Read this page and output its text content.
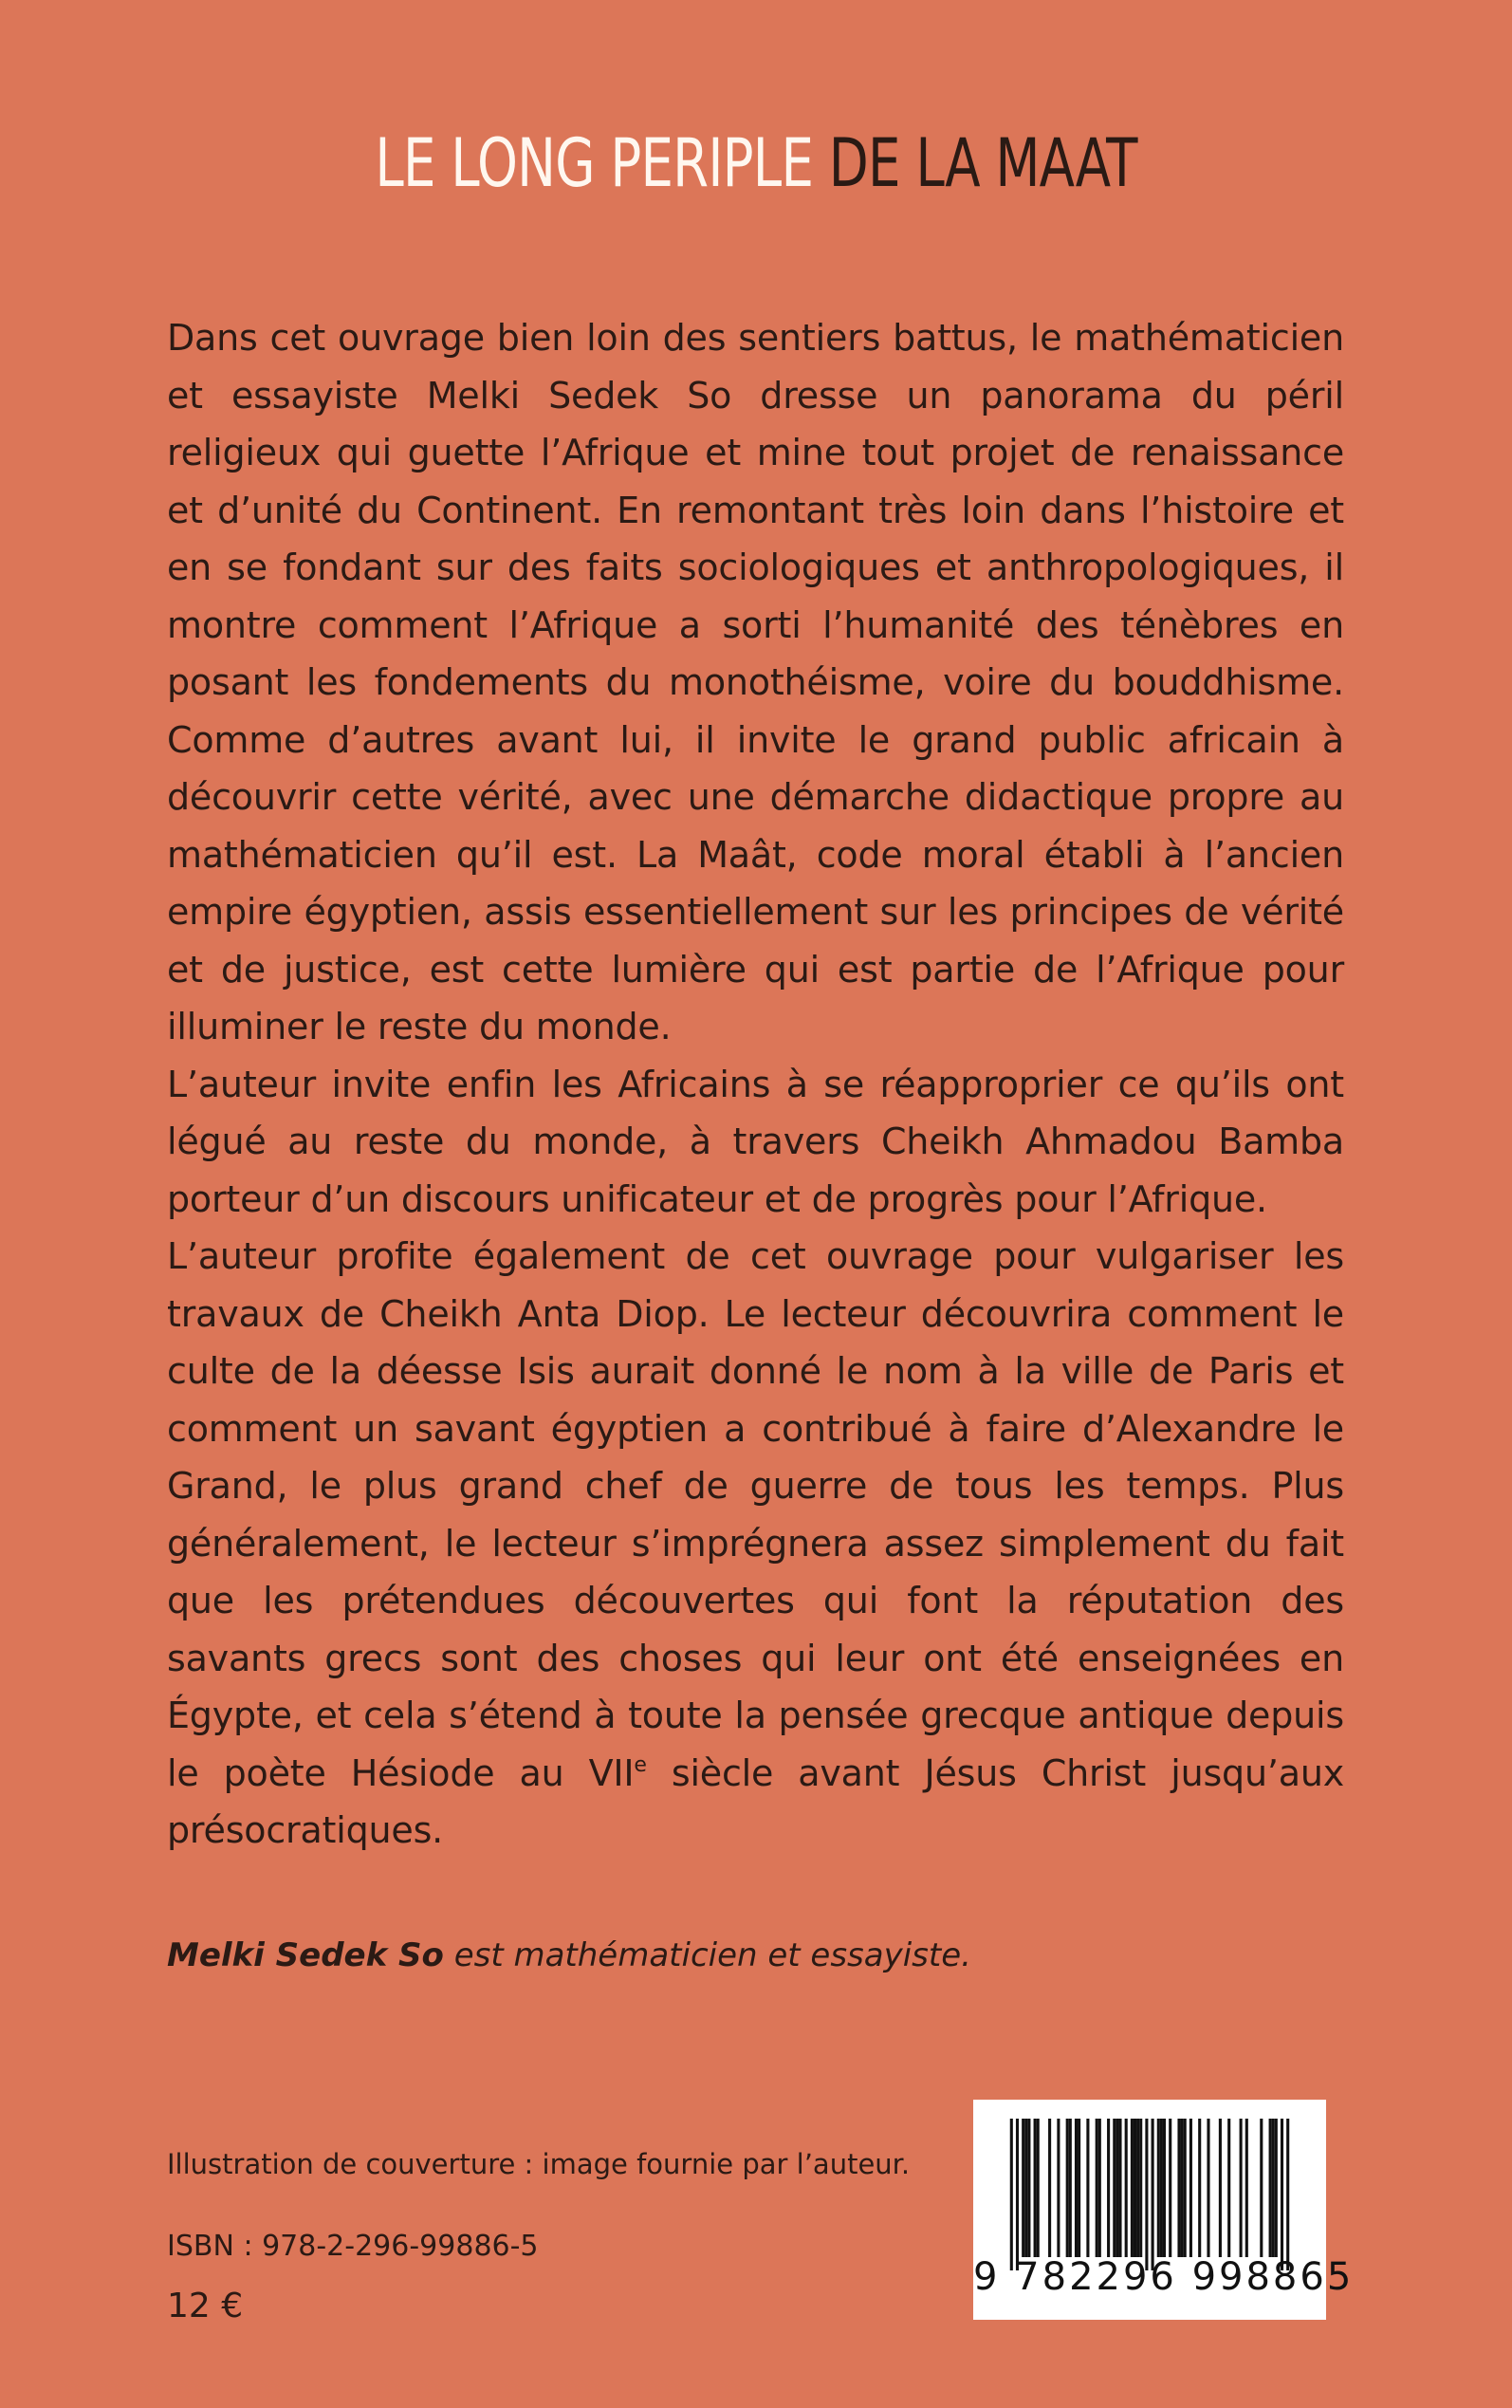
LE LONG PERIPLE DE LA MAAT

Dans cet ouvrage bien loin des sentiers battus, le mathématicien et essayiste Melki Sedek So dresse un panorama du péril religieux qui guette l’Afrique et mine tout projet de renaissance et d’unité du Continent. En remontant très loin dans l’histoire et en se fondant sur des faits sociologiques et anthropologiques, il montre comment l’Afrique a sorti l’humanité des ténèbres en posant les fondements du monothéisme, voire du bouddhisme. Comme d’autres avant lui, il invite le grand public africain à découvrir cette vérité, avec une démarche didactique propre au mathématicien qu’il est. La Maât, code moral établi à l’ancien empire égyptien, assis essentiellement sur les principes de vérité et de justice, est cette lumière qui est partie de l’Afrique pour illuminer le reste du monde.

L’auteur invite enfin les Africains à se réapproprier ce qu’ils ont légué au reste du monde, à travers Cheikh Ahmadou Bamba porteur d’un discours unificateur et de progrès pour l’Afrique.

L’auteur profite également de cet ouvrage pour vulgariser les travaux de Cheikh Anta Diop. Le lecteur découvrira comment le culte de la déesse Isis aurait donné le nom à la ville de Paris et comment un savant égyptien a contribué à faire d’Alexandre le Grand, le plus grand chef de guerre de tous les temps. Plus généralement, le lecteur s’imprégnera assez simplement du fait que les prétendues découvertes qui font la réputation des savants grecs sont des choses qui leur ont été enseignées en Égypte, et cela s’étend à toute la pensée grecque antique depuis le poète Hésiode au VIIe siècle avant Jésus Christ jusqu’aux présocratiques.

Melki Sedek So est mathématicien et essayiste.
Illustration de couverture : image fournie par l’auteur.
ISBN : 978-2-296-99886-5
12 €
9 782296 998865
